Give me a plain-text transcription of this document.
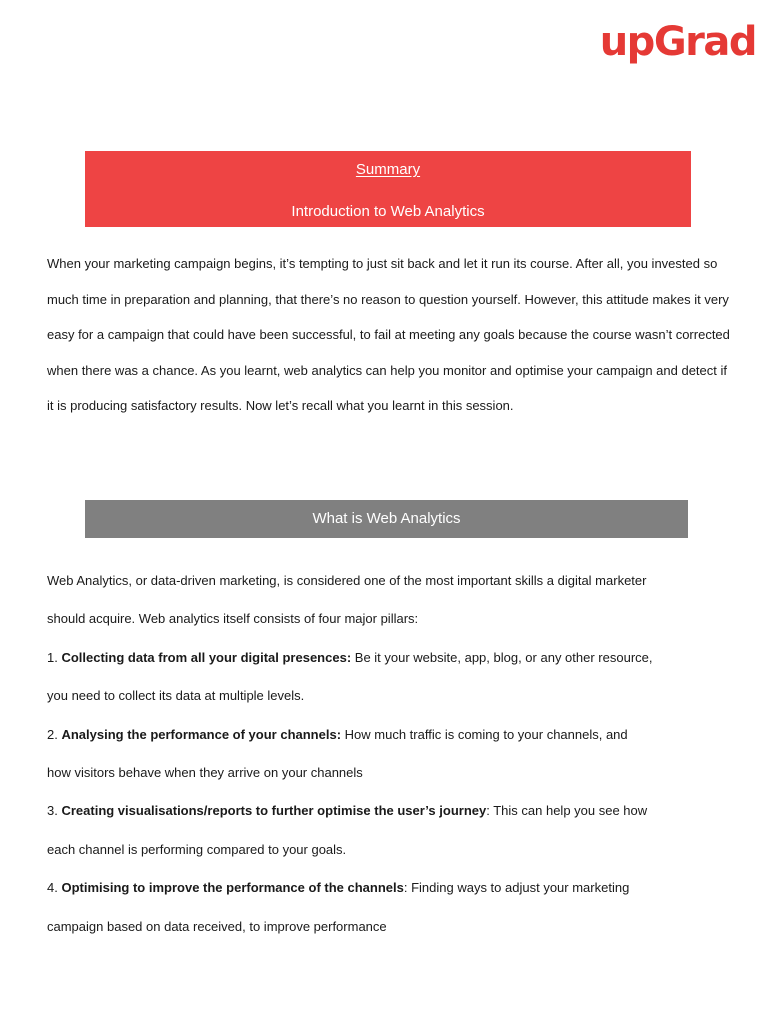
upGrad
Summary
Introduction to Web Analytics

When your marketing campaign begins, it’s tempting to just sit back and let it run its course. After all, you invested so much time in preparation and planning, that there’s no reason to question yourself. However, this attitude makes it very easy for a campaign that could have been successful, to fail at meeting any goals because the course wasn’t corrected when there was a chance. As you learnt, web analytics can help you monitor and optimise your campaign and detect if it is producing satisfactory results. Now let’s recall what you learnt in this session.

What is Web Analytics
Web Analytics, or data-driven marketing, is considered one of the most important skills a digital marketer
should acquire. Web analytics itself consists of four major pillars:
1. Collecting data from all your digital presences: Be it your website, app, blog, or any other resource,
you need to collect its data at multiple levels.
2. Analysing the performance of your channels: How much traffic is coming to your channels, and
how visitors behave when they arrive on your channels
3. Creating visualisations/reports to further optimise the user’s journey: This can help you see how
each channel is performing compared to your goals.
4. Optimising to improve the performance of the channels: Finding ways to adjust your marketing
campaign based on data received, to improve performance
